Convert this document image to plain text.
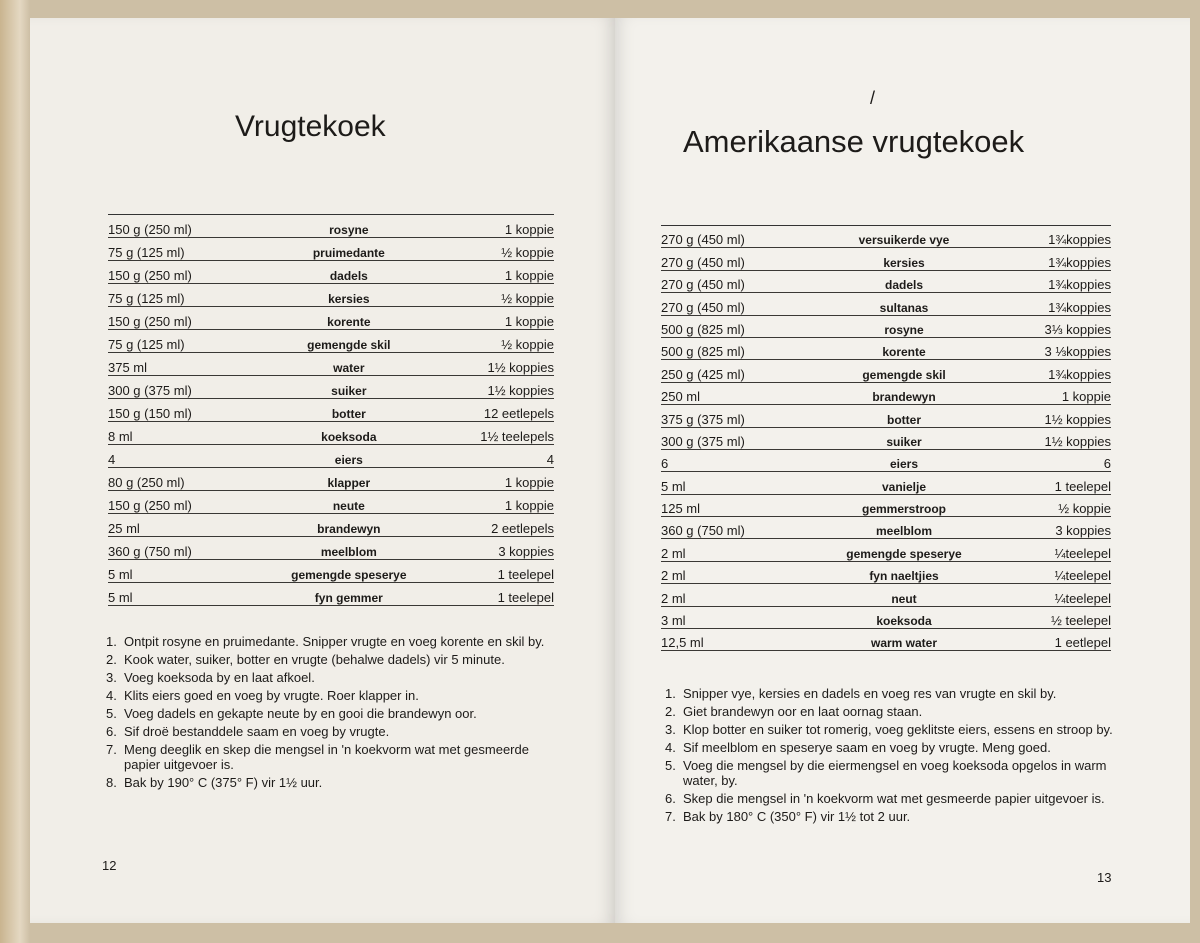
Vrugtekoek
150 g (250 ml)	rosyne	1 koppie
75 g (125 ml)	pruimedante	½ koppie
150 g (250 ml)	dadels	1 koppie
75 g (125 ml)	kersies	½ koppie
150 g (250 ml)	korente	1 koppie
75 g (125 ml)	gemengde skil	½ koppie
375 ml	water	1½ koppies
300 g (375 ml)	suiker	1½ koppies
150 g (150 ml)	botter	12 eetlepels
8 ml	koeksoda	1½ teelepels
4	eiers	4
80 g (250 ml)	klapper	1 koppie
150 g (250 ml)	neute	1 koppie
25 ml	brandewyn	2 eetlepels
360 g (750 ml)	meelblom	3 koppies
5 ml	gemengde speserye	1 teelepel
5 ml	fyn gemmer	1 teelepel
1. Ontpit rosyne en pruimedante. Snipper vrugte en voeg korente en skil by.
2. Kook water, suiker, botter en vrugte (behalwe dadels) vir 5 minute.
3. Voeg koeksoda by en laat afkoel.
4. Klits eiers goed en voeg by vrugte. Roer klapper in.
5. Voeg dadels en gekapte neute by en gooi die brandewyn oor.
6. Sif droë bestanddele saam en voeg by vrugte.
7. Meng deeglik en skep die mengsel in 'n koekvorm wat met gesmeerde papier uitgevoer is.
8. Bak by 190° C (375° F) vir 1½ uur.
12
/
Amerikaanse vrugtekoek
270 g (450 ml)	versuikerde vye	1¾koppies
270 g (450 ml)	kersies	1¾koppies
270 g (450 ml)	dadels	1¾koppies
270 g (450 ml)	sultanas	1¾koppies
500 g (825 ml)	rosyne	3⅓ koppies
500 g (825 ml)	korente	3 ⅓koppies
250 g (425 ml)	gemengde skil	1¾koppies
250 ml	brandewyn	1 koppie
375 g (375 ml)	botter	1½ koppies
300 g (375 ml)	suiker	1½ koppies
6	eiers	6
5 ml	vanielje	1 teelepel
125 ml	gemmerstroop	½ koppie
360 g (750 ml)	meelblom	3 koppies
2 ml	gemengde speserye	¼teelepel
2 ml	fyn naeltjies	¼teelepel
2 ml	neut	¼teelepel
3 ml	koeksoda	½ teelepel
12,5 ml	warm water	1 eetlepel
1. Snipper vye, kersies en dadels en voeg res van vrugte en skil by.
2. Giet brandewyn oor en laat oornag staan.
3. Klop botter en suiker tot romerig, voeg geklitste eiers, essens en stroop by.
4. Sif meelblom en speserye saam en voeg by vrugte. Meng goed.
5. Voeg die mengsel by die eiermengsel en voeg koeksoda opgelos in warm water, by.
6. Skep die mengsel in 'n koekvorm wat met gesmeerde papier uitgevoer is.
7. Bak by 180° C (350° F) vir 1½ tot 2 uur.
13
